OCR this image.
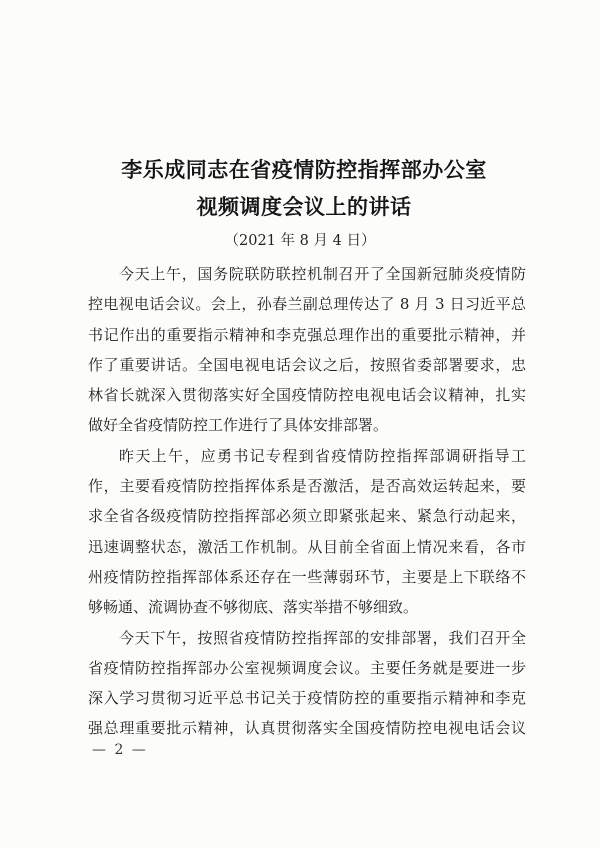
李乐成同志在省疫情防控指挥部办公室
视频调度会议上的讲话
（2021 年 8 月 4 日）
今天上午，国务院联防联控机制召开了全国新冠肺炎疫情防
控电视电话会议。会上，孙春兰副总理传达了 8 月 3 日习近平总
书记作出的重要指示精神和李克强总理作出的重要批示精神，并
作了重要讲话。全国电视电话会议之后，按照省委部署要求，忠
林省长就深入贯彻落实好全国疫情防控电视电话会议精神，扎实
做好全省疫情防控工作进行了具体安排部署。
昨天上午，应勇书记专程到省疫情防控指挥部调研指导工
作，主要看疫情防控指挥体系是否激活，是否高效运转起来，要
求全省各级疫情防控指挥部必须立即紧张起来、紧急行动起来，
迅速调整状态，激活工作机制。从目前全省面上情况来看，各市
州疫情防控指挥部体系还存在一些薄弱环节，主要是上下联络不
够畅通、流调协查不够彻底、落实举措不够细致。
今天下午，按照省疫情防控指挥部的安排部署，我们召开全
省疫情防控指挥部办公室视频调度会议。主要任务就是要进一步
深入学习贯彻习近平总书记关于疫情防控的重要指示精神和李克
强总理重要批示精神，认真贯彻落实全国疫情防控电视电话会议
— 2 —
